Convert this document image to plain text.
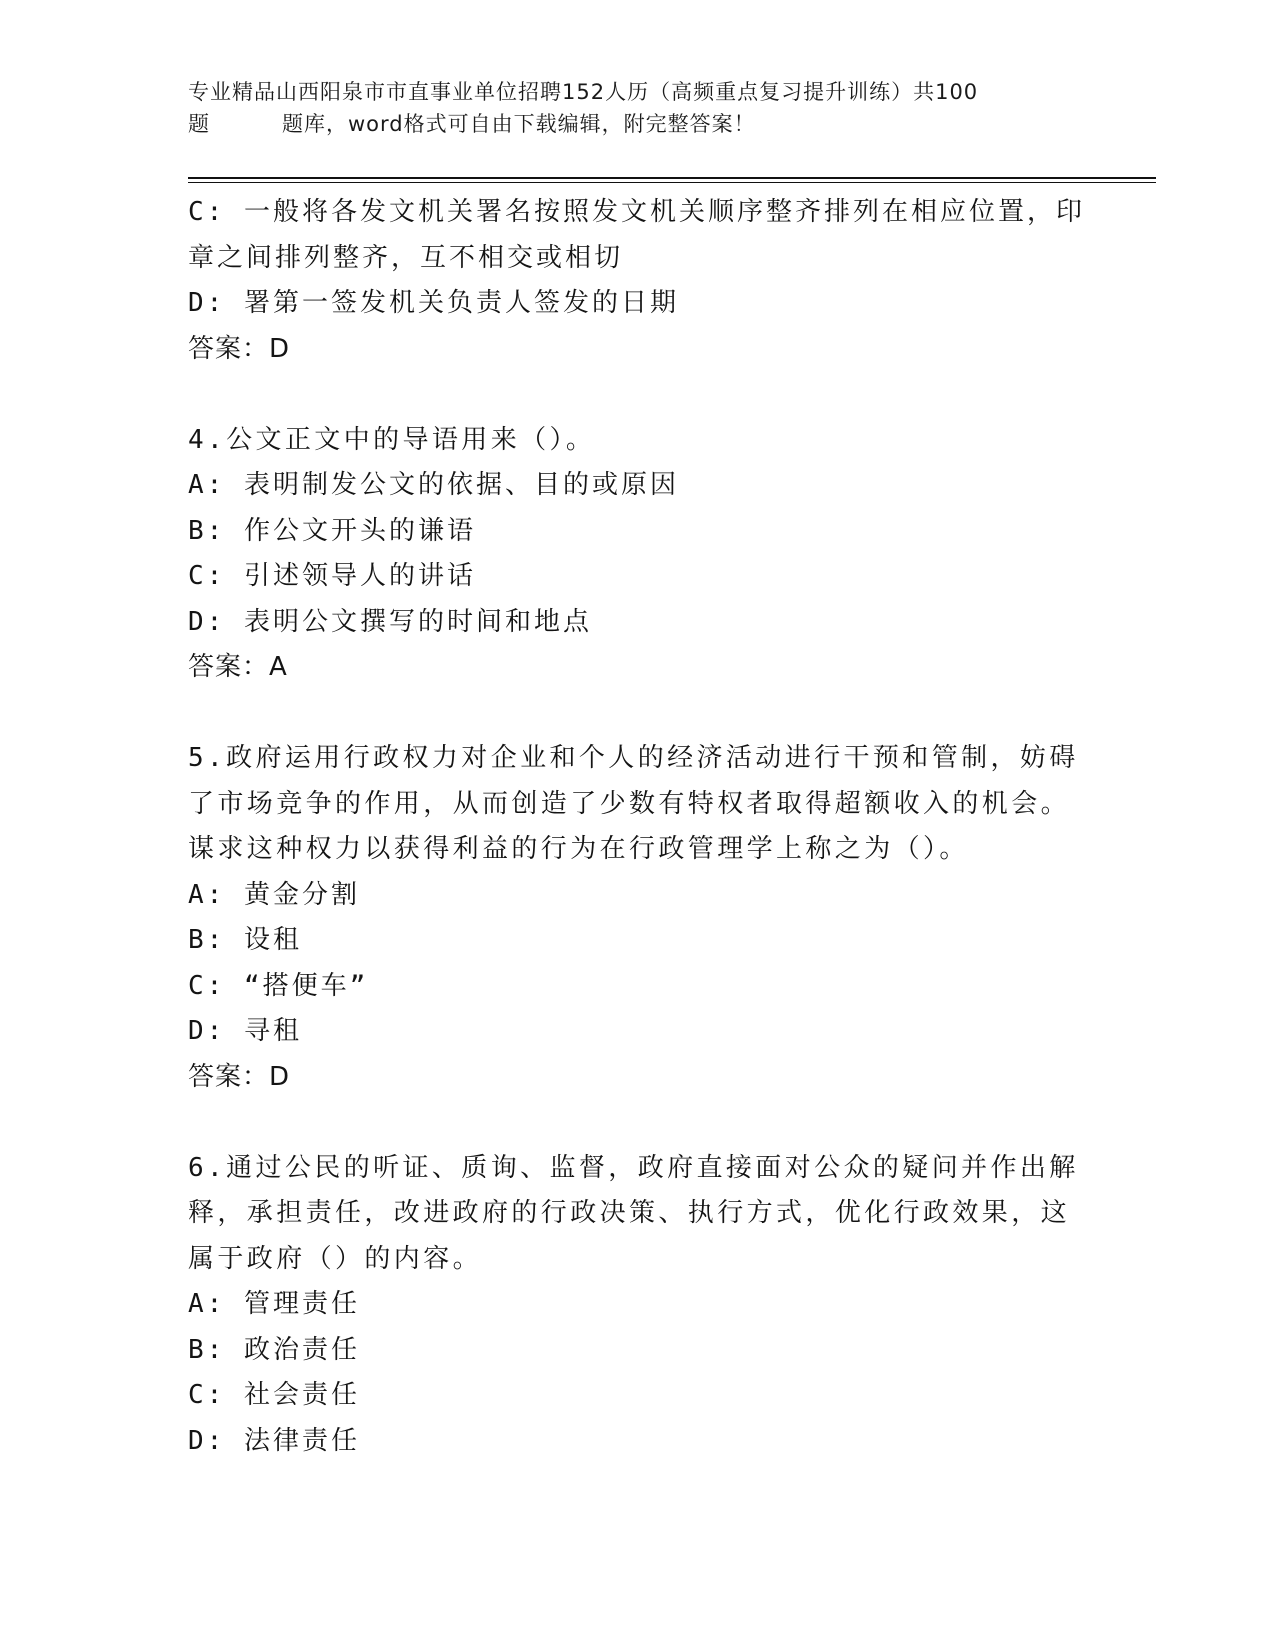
专业精品山西阳泉市市直事业单位招聘152人历（高频重点复习提升训练）共100
题	题库，word格式可自由下载编辑，附完整答案！

C: 一般将各发文机关署名按照发文机关顺序整齐排列在相应位置，印

章之间排列整齐，互不相交或相切

D: 署第一签发机关负责人签发的日期

答案：D

4.公文正文中的导语用来（）。

A: 表明制发公文的依据、目的或原因

B: 作公文开头的谦语

C: 引述领导人的讲话

D: 表明公文撰写的时间和地点

答案：A

5.政府运用行政权力对企业和个人的经济活动进行干预和管制，妨碍

了市场竞争的作用，从而创造了少数有特权者取得超额收入的机会。

谋求这种权力以获得利益的行为在行政管理学上称之为（）。

A: 黄金分割

B: 设租

C: “搭便车”

D: 寻租

答案：D

6.通过公民的听证、质询、监督，政府直接面对公众的疑问并作出解

释，承担责任，改进政府的行政决策、执行方式，优化行政效果，这

属于政府（）的内容。

A: 管理责任

B: 政治责任

C: 社会责任

D: 法律责任
